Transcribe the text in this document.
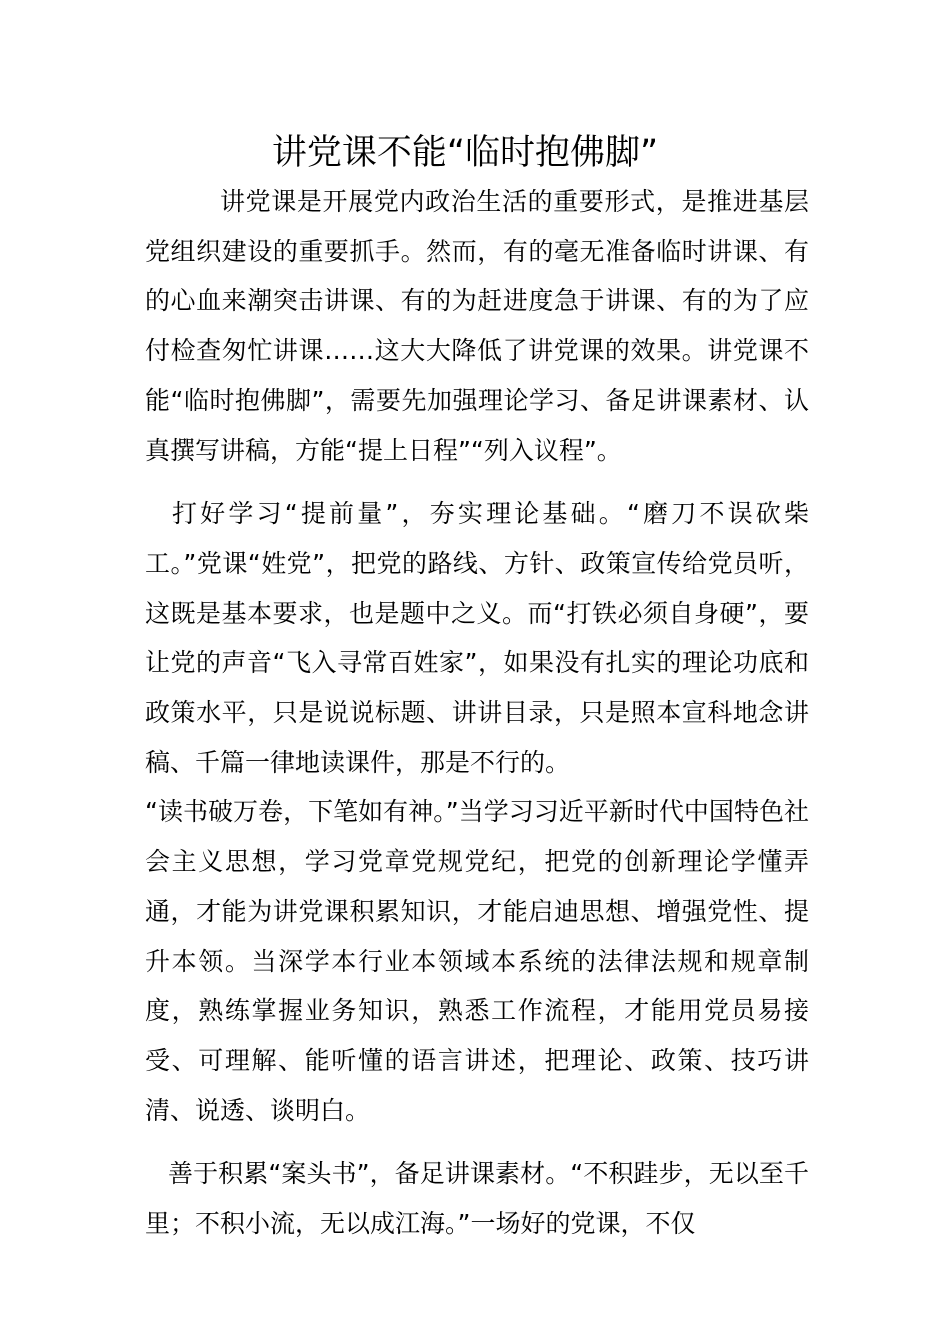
讲党课不能“临时抱佛脚”

讲党课是开展党内政治生活的重要形式，是推进基层党组织建设的重要抓手。然而，有的毫无准备临时讲课、有的心血来潮突击讲课、有的为赶进度急于讲课、有的为了应付检查匆忙讲课……这大大降低了讲党课的效果。讲党课不能“临时抱佛脚”，需要先加强理论学习、备足讲课素材、认真撰写讲稿，方能“提上日程”“列入议程”。

打好学习“提前量”，夯实理论基础。“磨刀不误砍柴工。”党课“姓党”，把党的路线、方针、政策宣传给党员听，这既是基本要求，也是题中之义。而“打铁必须自身硬”，要让党的声音“飞入寻常百姓家”，如果没有扎实的理论功底和政策水平，只是说说标题、讲讲目录，只是照本宣科地念讲稿、千篇一律地读课件，那是不行的。

“读书破万卷，下笔如有神。”当学习习近平新时代中国特色社会主义思想，学习党章党规党纪，把党的创新理论学懂弄通，才能为讲党课积累知识，才能启迪思想、增强党性、提升本领。当深学本行业本领域本系统的法律法规和规章制度，熟练掌握业务知识，熟悉工作流程，才能用党员易接受、可理解、能听懂的语言讲述，把理论、政策、技巧讲清、说透、谈明白。

善于积累“案头书”，备足讲课素材。“不积跬步，无以至千里；不积小流，无以成江海。”一场好的党课，不仅
